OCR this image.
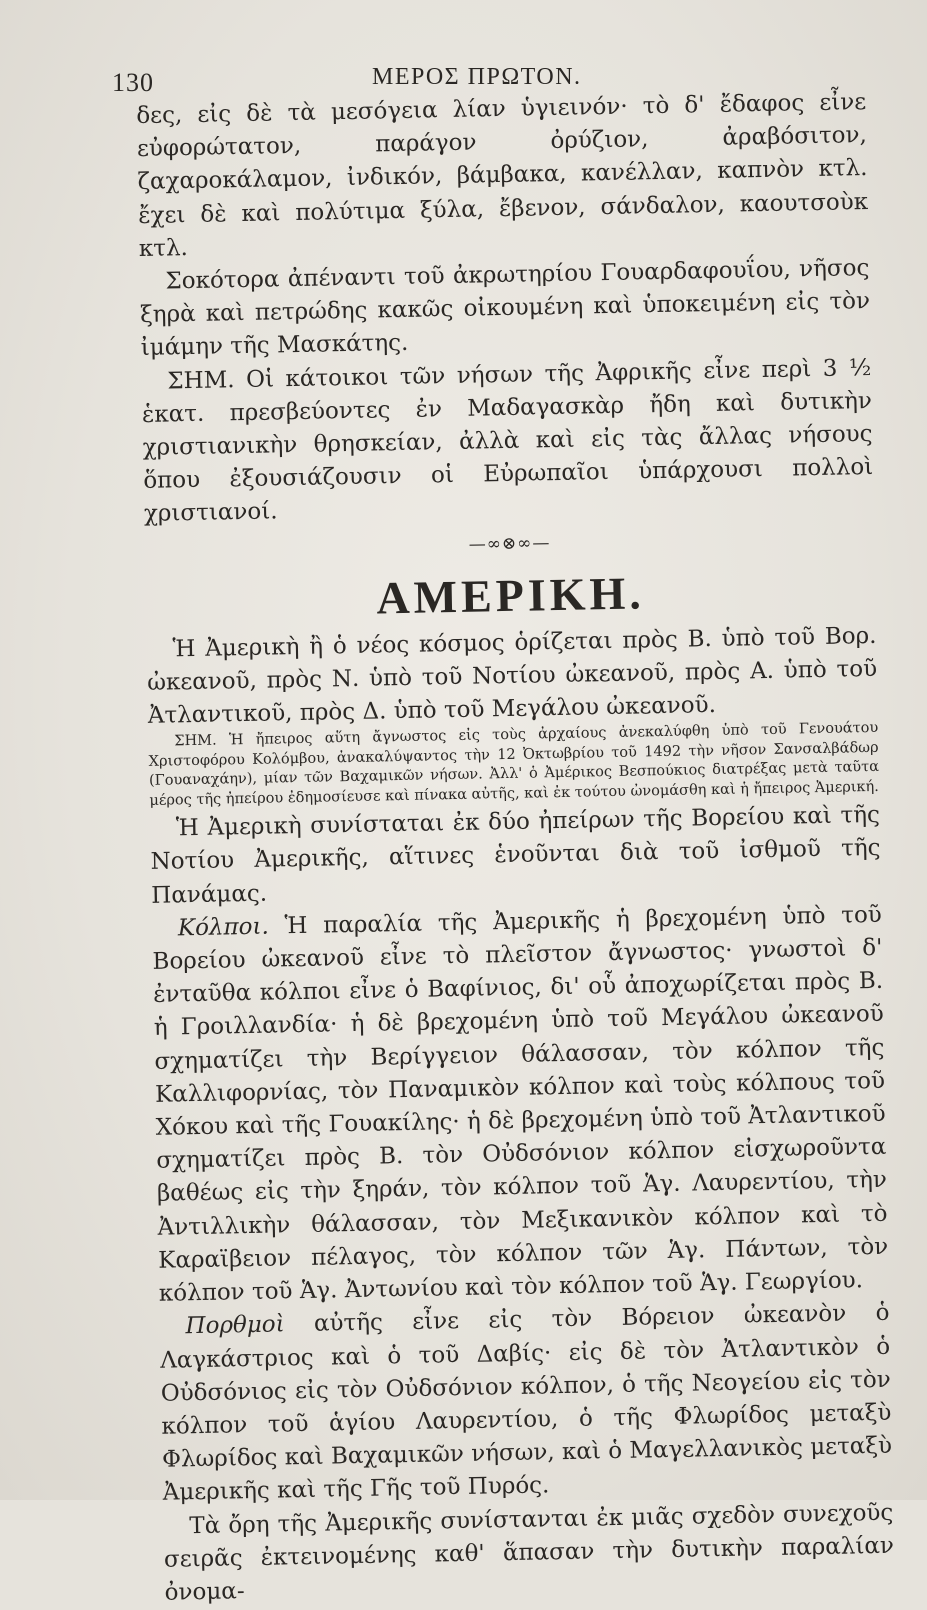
130	ΜΕΡΟΣ ΠΡΩΤΟΝ.

δες, εἰς δὲ τὰ μεσόγεια λίαν ὑγιεινόν· τὸ δ' ἔδαφος εἶνε εὐφορώτατον, παράγον ὀρύζιον, ἀραβόσιτον, ζαχαροκάλαμον, ἰνδικόν, βάμβακα, κανέλλαν, καπνὸν κτλ. ἔχει δὲ καὶ πολύτιμα ξύλα, ἔβενον, σάνδαλον, καουτσοὺκ κτλ.

Σοκότορα ἀπέναντι τοῦ ἀκρωτηρίου Γουαρδαφουΐου, νῆσος ξηρὰ καὶ πετρώδης κακῶς οἰκουμένη καὶ ὑποκειμένη εἰς τὸν ἰμάμην τῆς Μασκάτης.

ΣΗΜ. Οἱ κάτοικοι τῶν νήσων τῆς Ἀφρικῆς εἶνε περὶ 3 ½ ἑκατ. πρεσβεύοντες ἐν Μαδαγασκὰρ ἤδη καὶ δυτικὴν χριστιανικὴν θρησκείαν, ἀλλὰ καὶ εἰς τὰς ἄλλας νήσους ὅπου ἐξουσιάζουσιν οἱ Εὐρωπαῖοι ὑπάρχουσι πολλοὶ χριστιανοί.

—∞⊗∞—
ΑΜΕΡΙΚΗ.

Ἡ Ἀμερικὴ ἢ ὁ νέος κόσμος ὁρίζεται πρὸς Β. ὑπὸ τοῦ Βορ. ὠκεανοῦ, πρὸς Ν. ὑπὸ τοῦ Νοτίου ὠκεανοῦ, πρὸς Α. ὑπὸ τοῦ Ἀτλαντικοῦ, πρὸς Δ. ὑπὸ τοῦ Μεγάλου ὠκεανοῦ.

ΣΗΜ. Ἡ ἤπειρος αὕτη ἄγνωστος εἰς τοὺς ἀρχαίους ἀνεκαλύφθη ὑπὸ τοῦ Γενουάτου Χριστοφόρου Κολόμβου, ἀνακαλύψαντος τὴν 12 Ὀκτωβρίου τοῦ 1492 τὴν νῆσον Σανσαλβάδωρ (Γουαναχάην), μίαν τῶν Βαχαμικῶν νήσων. Ἀλλ' ὁ Ἀμέρικος Βεσπούκιος διατρέξας μετὰ ταῦτα μέρος τῆς ἠπείρου ἐδημοσίευσε καὶ πίνακα αὐτῆς, καὶ ἐκ τούτου ὠνομάσθη καὶ ἡ ἤπειρος Ἀμερική.

Ἡ Ἀμερικὴ συνίσταται ἐκ δύο ἠπείρων τῆς Βορείου καὶ τῆς Νοτίου Ἀμερικῆς, αἵτινες ἑνοῦνται διὰ τοῦ ἰσθμοῦ τῆς Πανάμας.

Κόλποι. Ἡ παραλία τῆς Ἀμερικῆς ἡ βρεχομένη ὑπὸ τοῦ Βορείου ὠκεανοῦ εἶνε τὸ πλεῖστον ἄγνωστος· γνωστοὶ δ' ἐνταῦθα κόλποι εἶνε ὁ Βαφίνιος, δι' οὗ ἀποχωρίζεται πρὸς Β. ἡ Γροιλλανδία· ἡ δὲ βρεχομένη ὑπὸ τοῦ Μεγάλου ὠκεανοῦ σχηματίζει τὴν Βερίγγειον θάλασσαν, τὸν κόλπον τῆς Καλλιφορνίας, τὸν Παναμικὸν κόλπον καὶ τοὺς κόλπους τοῦ Χόκου καὶ τῆς Γουακίλης· ἡ δὲ βρεχομένη ὑπὸ τοῦ Ἀτλαντικοῦ σχηματίζει πρὸς Β. τὸν Οὐδσόνιον κόλπον εἰσχωροῦντα βαθέως εἰς τὴν ξηράν, τὸν κόλπον τοῦ Ἁγ. Λαυρεντίου, τὴν Ἀντιλλικὴν θάλασσαν, τὸν Μεξικανικὸν κόλπον καὶ τὸ Καραϊβειον πέλαγος, τὸν κόλπον τῶν Ἁγ. Πάντων, τὸν κόλπον τοῦ Ἁγ. Ἀντωνίου καὶ τὸν κόλπον τοῦ Ἁγ. Γεωργίου.

Πορθμοὶ αὐτῆς εἶνε εἰς τὸν Βόρειον ὠκεανὸν ὁ Λαγκάστριος καὶ ὁ τοῦ Δαβίς· εἰς δὲ τὸν Ἀτλαντικὸν ὁ Οὐδσόνιος εἰς τὸν Οὐδσόνιον κόλπον, ὁ τῆς Νεογείου εἰς τὸν κόλπον τοῦ ἁγίου Λαυρεντίου, ὁ τῆς Φλωρίδος μεταξὺ Φλωρίδος καὶ Βαχαμικῶν νήσων, καὶ ὁ Μαγελλανικὸς μεταξὺ Ἀμερικῆς καὶ τῆς Γῆς τοῦ Πυρός.

Τὰ ὄρη τῆς Ἀμερικῆς συνίστανται ἐκ μιᾶς σχεδὸν συνεχοῦς σειρᾶς ἐκτεινομένης καθ' ἅπασαν τὴν δυτικὴν παραλίαν ὀνομα-
